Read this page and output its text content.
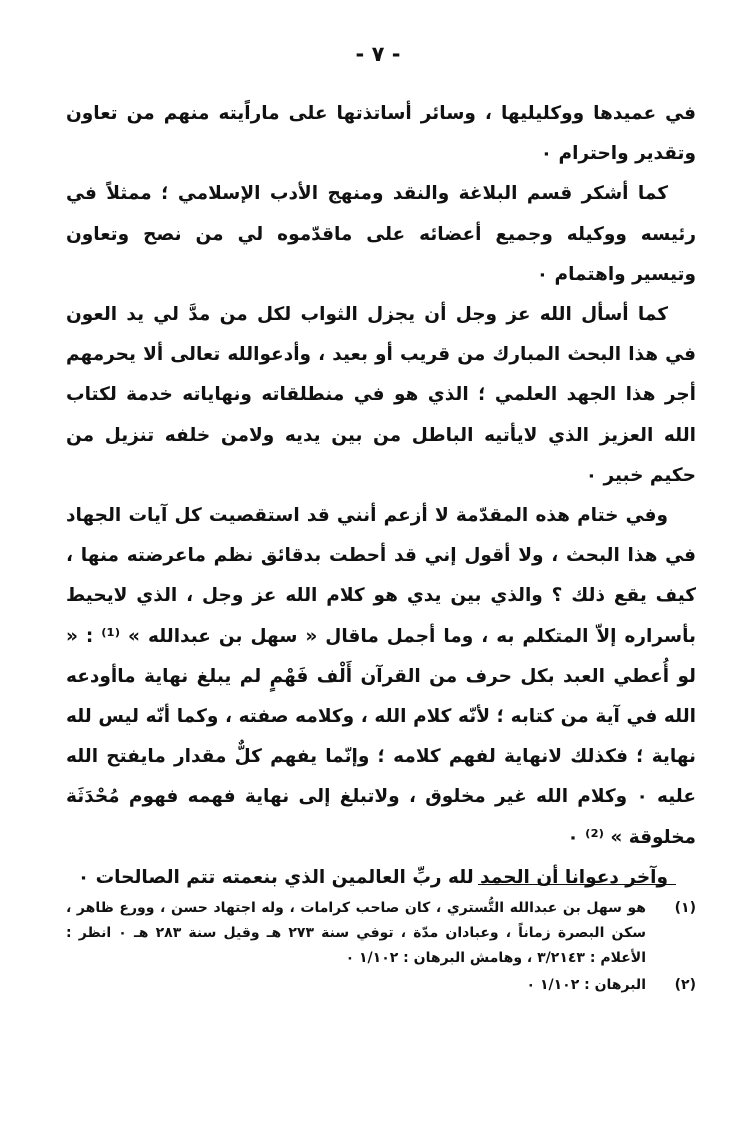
- ٧ -

في عميدها ووكليليها ، وسائر أساتذتها على ماراًيته منهم من تعاون وتقدير واحترام ٠

كما أشكر قسم البلاغة والنقد ومنهج الأدب الإسلامي ؛ ممثلاً في رئيسه ووكيله وجميع أعضائه على ماقدّموه لي من نصح وتعاون وتيسير واهتمام ٠

كما أسأل الله عز وجل أن يجزل الثواب لكل من مدَّ لي يد العون في هذا البحث المبارك من قريب أو بعيد ، وأدعوالله تعالى ألا يحرمهم أجر هذا الجهد العلمي ؛ الذي هو في منطلقاته ونهاياته خدمة لكتاب الله العزيز الذي لايأتيه الباطل من بين يديه ولامن خلفه تنزيل من حكيم خبير ٠

وفي ختام هذه المقدّمة لا أزعم أنني قد استقصيت كل آيات الجهاد في هذا البحث ، ولا أقول إني قد أحطت بدقائق نظم ماعرضته منها ، كيف يقع ذلك ؟ والذي بين يدي هو كلام الله عز وجل ، الذي لايحيط بأسراره إلاّ المتكلم به ، وما أجمل ماقال « سهل بن عبدالله » ⁽¹⁾ : « لو أُعطي العبد بكل حرف من القرآن أَلْف فَهْمٍ لم يبلغ نهاية ماأودعه الله في آية من كتابه ؛ لأنّه كلام الله ، وكلامه صفته ، وكما أنّه ليس لله نهاية ؛ فكذلك لانهاية لفهم كلامه ؛ وإنّما يفهم كلٌّ مقدار مايفتح الله عليه ٠ وكلام الله غير مخلوق ، ولاتبلغ إلى نهاية فهمه فهوم مُحْدَثَة مخلوقة » ⁽²⁾ ٠

وآخر دعوانا أن الحمد لله ربِّ العالمين الذي بنعمته تتم الصالحات ٠

(١)
هو سهل بن عبدالله التُّستري ، كان صاحب كرامات ، وله اجتهاد حسن ، وورع ظاهر ، سكن البصرة زماناً ، وعبادان مدّة ، توفي سنة ٢٧٣ هـ وقيل سنة ٢٨٣ هـ ٠ انظر : الأعلام : ٣/٢١٤٣ ، وهامش البرهان : ١/١٠٢ ٠
(٢)
البرهان : ١/١٠٢ ٠
